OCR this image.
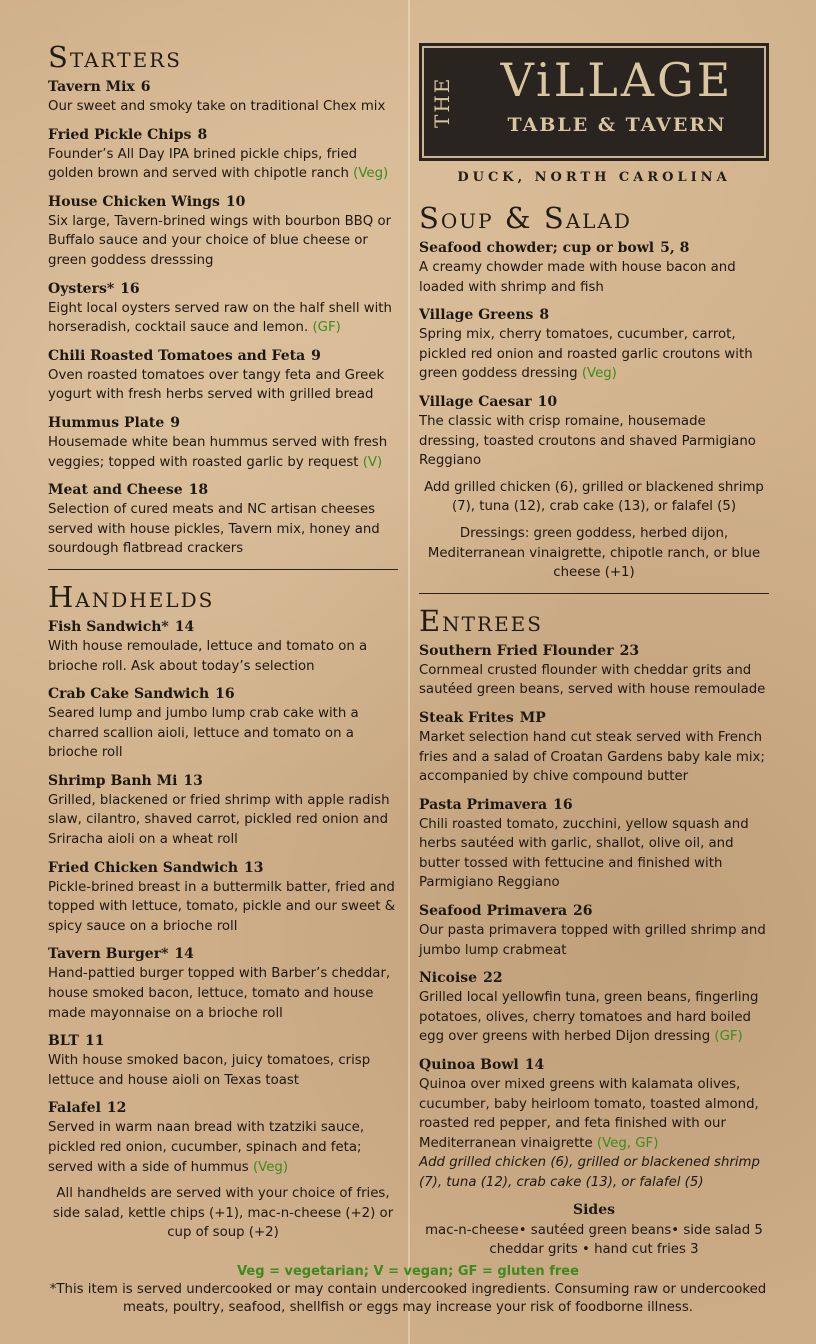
Starters
Tavern Mix 6
Our sweet and smoky take on traditional Chex mix
Fried Pickle Chips 8
Founder’s All Day IPA brined pickle chips, fried golden brown and served with chipotle ranch (Veg)
House Chicken Wings 10
Six large, Tavern-brined wings with bourbon BBQ or Buffalo sauce and your choice of blue cheese or green goddess dresssing
Oysters* 16
Eight local oysters served raw on the half shell with horseradish, cocktail sauce and lemon. (GF)
Chili Roasted Tomatoes and Feta 9
Oven roasted tomatoes over tangy feta and Greek yogurt with fresh herbs served with grilled bread
Hummus Plate 9
Housemade white bean hummus served with fresh veggies; topped with roasted garlic by request (V)
Meat and Cheese 18
Selection of cured meats and NC artisan cheeses served with house pickles, Tavern mix, honey and sourdough flatbread crackers
Handhelds
Fish Sandwich* 14
With house remoulade, lettuce and tomato on a brioche roll. Ask about today’s selection
Crab Cake Sandwich 16
Seared lump and jumbo lump crab cake with a charred scallion aioli, lettuce and tomato on a brioche roll
Shrimp Banh Mi 13
Grilled, blackened or fried shrimp with apple radish slaw, cilantro, shaved carrot, pickled red onion and Sriracha aioli on a wheat roll
Fried Chicken Sandwich 13
Pickle-brined breast in a buttermilk batter, fried and topped with lettuce, tomato, pickle and our sweet & spicy sauce on a brioche roll
Tavern Burger* 14
Hand-pattied burger topped with Barber’s cheddar, house smoked bacon, lettuce, tomato and house made mayonnaise on a brioche roll
BLT 11
With house smoked bacon, juicy tomatoes, crisp lettuce and house aioli on Texas toast
Falafel 12
Served in warm naan bread with tzatziki sauce, pickled red onion, cucumber, spinach and feta; served with a side of hummus (Veg)
All handhelds are served with your choice of fries, side salad, kettle chips (+1), mac-n-cheese (+2) or cup of soup (+2)
THE	ViLLAGE
TABLE & TAVERN
DUCK, NORTH CAROLINA
Soup & Salad
Seafood chowder; cup or bowl 5, 8
A creamy chowder made with house bacon and loaded with shrimp and fish
Village Greens 8
Spring mix, cherry tomatoes, cucumber, carrot, pickled red onion and roasted garlic croutons with green goddess dressing (Veg)
Village Caesar 10
The classic with crisp romaine, housemade dressing, toasted croutons and shaved Parmigiano Reggiano
Add grilled chicken (6), grilled or blackened shrimp (7), tuna (12), crab cake (13), or falafel (5)
Dressings: green goddess, herbed dijon, Mediterranean vinaigrette, chipotle ranch, or blue cheese (+1)
Entrees
Southern Fried Flounder 23
Cornmeal crusted flounder with cheddar grits and sautéed green beans, served with house remoulade
Steak Frites MP
Market selection hand cut steak served with French fries and a salad of Croatan Gardens baby kale mix; accompanied by chive compound butter
Pasta Primavera 16
Chili roasted tomato, zucchini, yellow squash and herbs sautéed with garlic, shallot, olive oil, and butter tossed with fettucine and finished with Parmigiano Reggiano
Seafood Primavera 26
Our pasta primavera topped with grilled shrimp and jumbo lump crabmeat
Nicoise 22
Grilled local yellowfin tuna, green beans, fingerling potatoes, olives, cherry tomatoes and hard boiled egg over greens with herbed Dijon dressing (GF)
Quinoa Bowl 14
Quinoa over mixed greens with kalamata olives, cucumber, baby heirloom tomato, toasted almond, roasted red pepper, and feta finished with our Mediterranean vinaigrette (Veg, GF)
Add grilled chicken (6), grilled or blackened shrimp (7), tuna (12), crab cake (13), or falafel (5)
Sides
mac-n-cheese• sautéed green beans• side salad 5
cheddar grits • hand cut fries 3
Veg = vegetarian; V = vegan; GF = gluten free
*This item is served undercooked or may contain undercooked ingredients. Consuming raw or undercooked meats, poultry, seafood, shellfish or eggs may increase your risk of foodborne illness.
